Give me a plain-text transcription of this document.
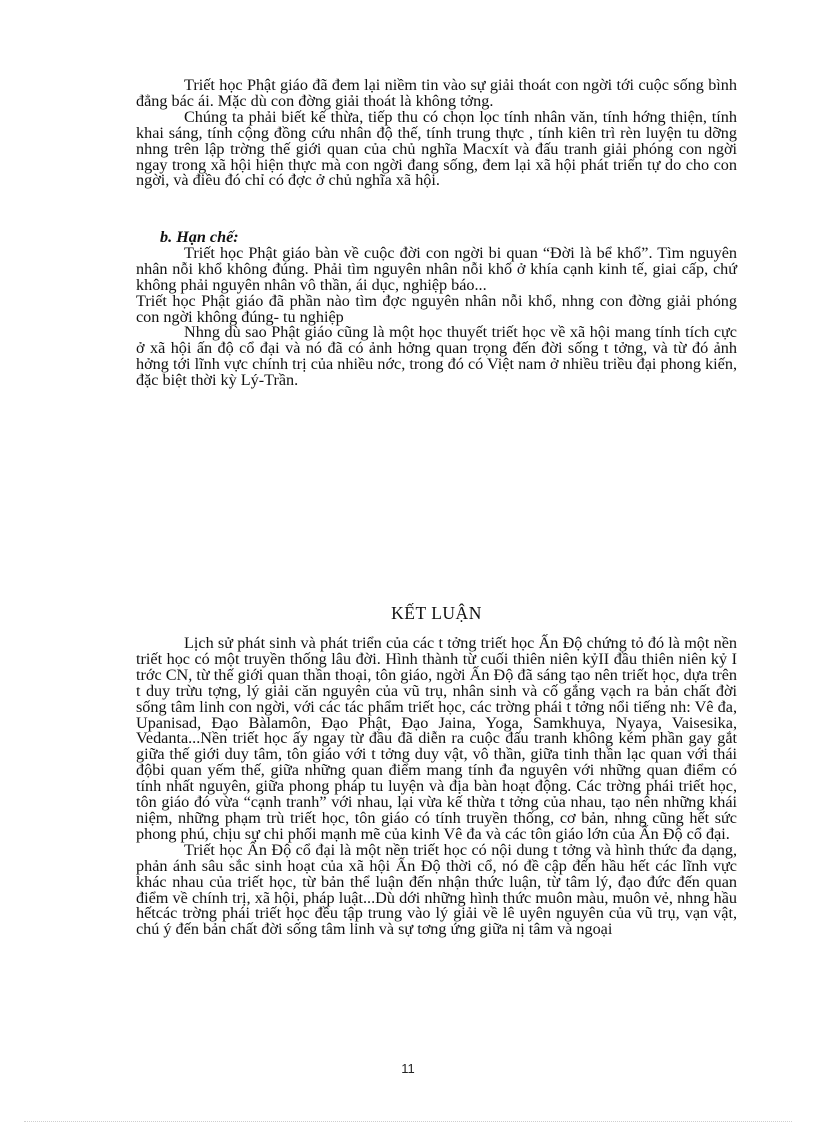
Triết học Phật giáo đã đem lại niềm tin vào sự giải thoát con ngời tới cuộc sống bình đẳng bác ái. Mặc dù con đờng giải thoát là không tởng.

Chúng ta phải biết kế thừa, tiếp thu có chọn lọc tính nhân văn, tính hớng thiện, tính khai sáng, tính cộng đồng cứu nhân độ thế, tính trung thực , tính kiên trì rèn luyện tu dỡng nhng trên lập trờng thế giới quan của chủ nghĩa Macxít và đấu tranh giải phóng con ngời ngay trong xã hội hiện thực mà con ngời đang sống, đem lại xã hội phát triển tự do cho con ngời, và điều đó chỉ có đợc ở chủ nghĩa xã hội.

b. Hạn chế:

Triết học Phật giáo bàn về cuộc đời con ngời bi quan “Đời là bể khổ”. Tìm nguyên nhân nỗi khổ không đúng. Phải tìm nguyên nhân nỗi khổ ở khía cạnh kinh tế, giai cấp, chứ không phải nguyên nhân vô thần, ái dục, nghiệp báo...

Triết học Phật giáo đã phần nào tìm đợc nguyên nhân nỗi khổ, nhng con đờng giải phóng con ngời không đúng- tu nghiệp

Nhng dù sao Phật giáo cũng là một học thuyết triết học về xã hội mang tính tích cực ở xã hội ấn độ cổ đại và nó đã có ảnh hởng quan trọng đến đời sống t tởng, và từ đó ảnh hởng tới lĩnh vực chính trị của nhiều nớc, trong đó có Việt nam ở nhiều triều đại phong kiến, đặc biệt thời kỳ Lý-Trần.

KẾT LUẬN

Lịch sử phát sinh và phát triển của các t tởng triết học Ấn Độ chứng tỏ đó là một nền triết học có một truyền thống lâu đời. Hình thành từ cuối thiên niên kỷII đầu thiên niên kỷ I trớc CN, từ thế giới quan thần thoại, tôn giáo, ngời Ấn Độ đã sáng tạo nên triết học, dựa trên t duy trừu tợng, lý giải căn nguyên của vũ trụ, nhân sinh và cố gắng vạch ra bản chất đời sống tâm linh con ngời, với các tác phẩm triết học, các trờng phái t tởng nổi tiếng nh: Vê đa, Upanisad, Đạo Bàlamôn, Đạo Phật, Đạo Jaina, Yoga, Samkhuya, Nyaya, Vaisesika, Vedanta...Nền triết học ấy ngay từ đầu đã diễn ra cuộc đấu tranh không kém phần gay gắt giữa thế giới duy tâm, tôn giáo với t tởng duy vật, vô thần, giữa tinh thần lạc quan với thái độbi quan yếm thế, giữa những quan điểm mang tính đa nguyên với những quan điểm có tính nhất nguyên, giữa phong pháp tu luyện và địa bàn hoạt động. Các trờng phái triết học, tôn giáo đó vừa “cạnh tranh” với nhau, lại vừa kế thừa t tởng của nhau, tạo nên những khái niệm, những phạm trù triết học, tôn giáo có tính truyền thống, cơ bản, nhng cũng hết sức phong phú, chịu sự chi phối mạnh mẽ của kinh Vê đa và các tôn giáo lớn của Ấn Độ cổ đại.

Triết học Ấn Độ cổ đại là một nền triết học có nội dung t tởng và hình thức đa dạng, phản ánh sâu sắc sinh hoạt của xã hội Ấn Độ thời cổ, nó đề cập đến hầu hết các lĩnh vực khác nhau của triết học, từ bản thể luận đến nhận thức luận, từ tâm lý, đạo đức đến quan điểm về chính trị, xã hội, pháp luật...Dù dới những hình thức muôn màu, muôn vẻ, nhng hầu hếtcác trờng phái triết học đều tập trung vào lý giải về lê uyên nguyên của vũ trụ, vạn vật, chú ý đến bản chất đời sống tâm linh và sự tơng ứng giữa nị tâm và ngoại

11
